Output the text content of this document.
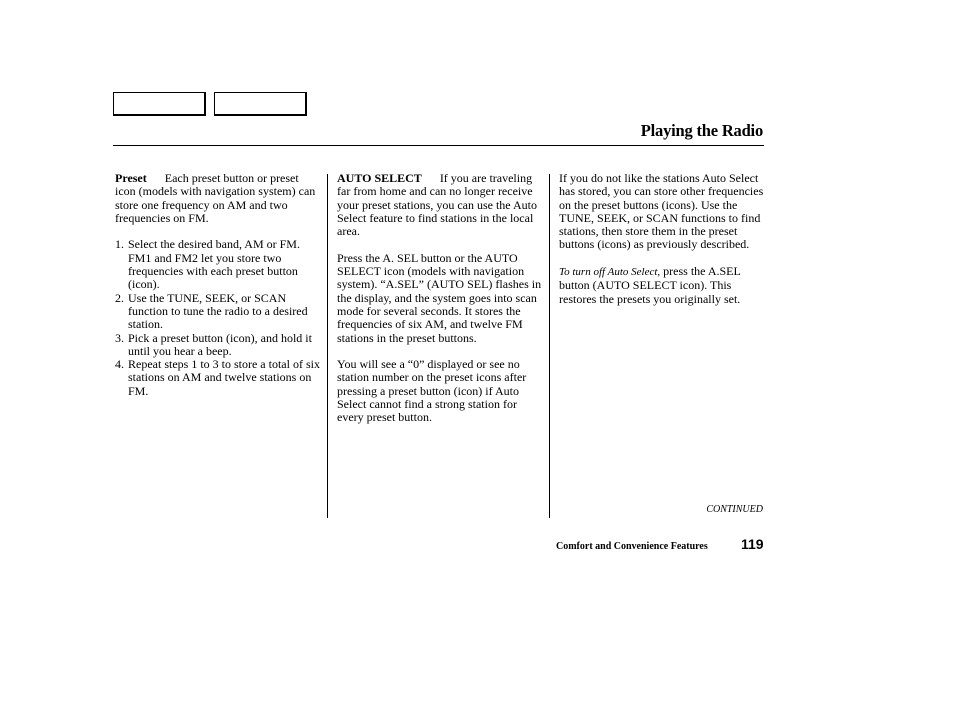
Playing the Radio

Preset Each preset button or preset icon (models with navigation system) can store one frequency on AM and two frequencies on FM.

1. Select the desired band, AM or FM. FM1 and FM2 let you store two frequencies with each preset button (icon).
2. Use the TUNE, SEEK, or SCAN function to tune the radio to a desired station.
3. Pick a preset button (icon), and hold it until you hear a beep.
4. Repeat steps 1 to 3 to store a total of six stations on AM and twelve stations on FM.

AUTO SELECT If you are traveling far from home and can no longer receive your preset stations, you can use the Auto Select feature to find stations in the local area.

Press the A. SEL button or the AUTO SELECT icon (models with navigation system). “A.SEL” (AUTO SEL) flashes in the display, and the system goes into scan mode for several seconds. It stores the frequencies of six AM, and twelve FM stations in the preset buttons.

You will see a “0” displayed or see no station number on the preset icons after pressing a preset button (icon) if Auto Select cannot find a strong station for every preset button.

If you do not like the stations Auto Select has stored, you can store other frequencies on the preset buttons (icons). Use the TUNE, SEEK, or SCAN functions to find stations, then store them in the preset buttons (icons) as previously described.

To turn off Auto Select, press the A.SEL button (AUTO SELECT icon). This restores the presets you originally set.

CONTINUED
Comfort and Convenience Features 119
